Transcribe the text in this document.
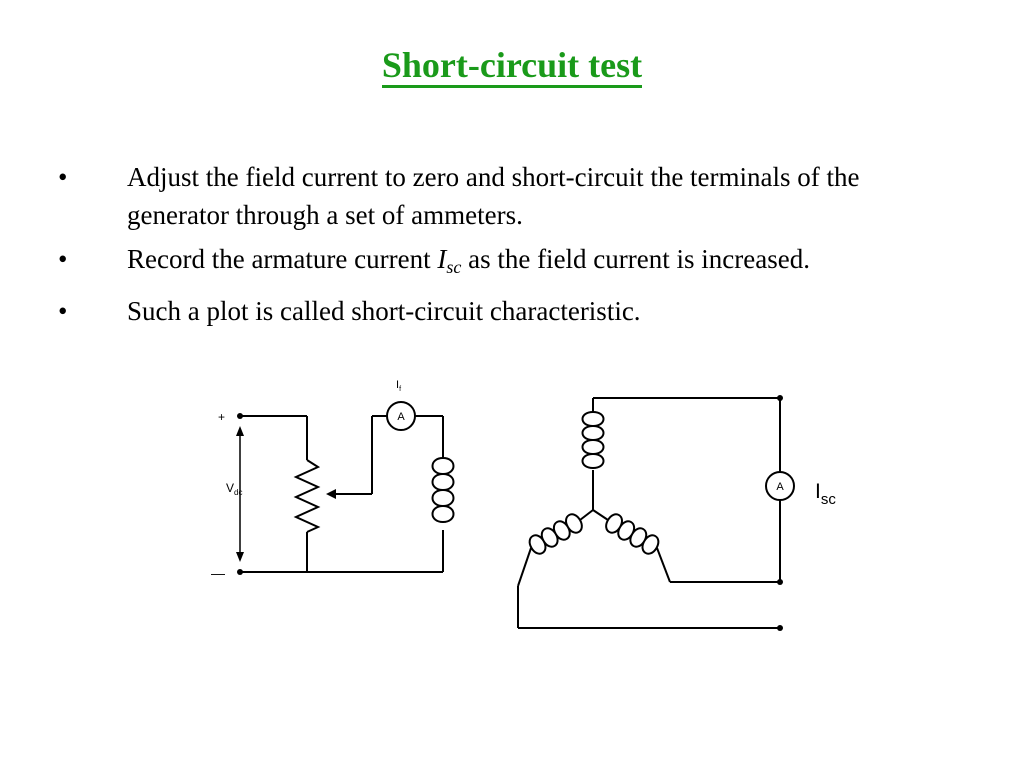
Short-circuit test
•	Adjust the field current to zero and short-circuit the terminals of the generator through a set of ammeters.
•	Record the armature current Isc as the field current is increased.
•	Such a plot is called short-circuit characteristic.
+
—
$V_{dc}$
$I_f$
A
A $I_{sc}$
